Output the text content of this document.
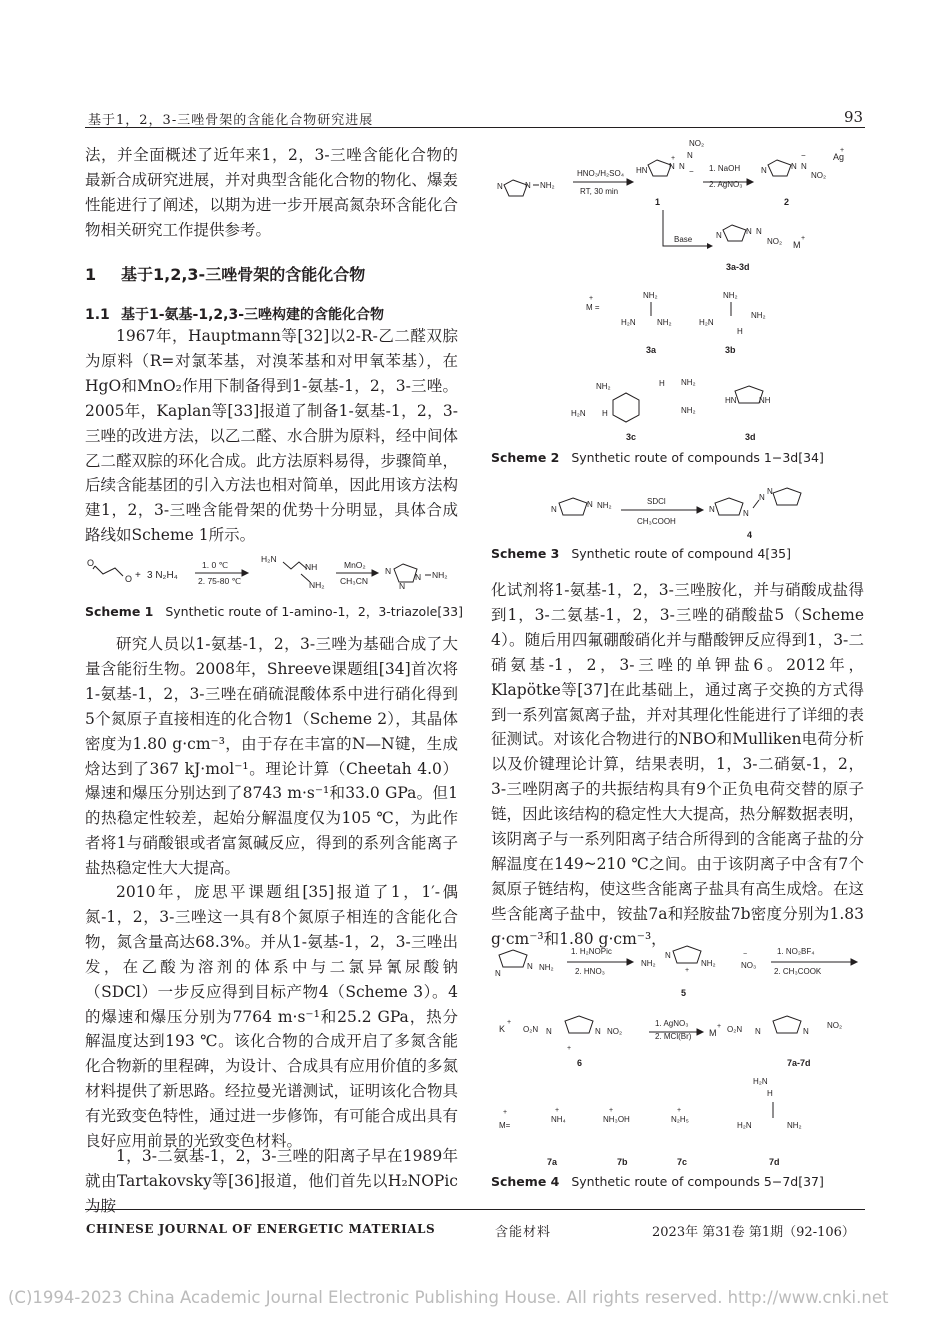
基于1，2，3-三唑骨架的含能化合物研究进展	93

法，并全面概述了近年来1，2，3-三唑含能化合物的最新合成研究进展，并对典型含能化合物的物化、爆轰性能进行了阐述，以期为进一步开展高氮杂环含能化合物相关研究工作提供参考。

1 基于1,2,3-三唑骨架的含能化合物
1.1 基于1-氨基-1,2,3-三唑构建的含能化合物

1967年，Hauptmann等[32]以2-R-乙二醛双腙为原料（R=对氯苯基，对溴苯基和对甲氧苯基），在HgO和MnO₂作用下制备得到1-氨基-1，2，3-三唑。2005年，Kaplan等[33]报道了制备1-氨基-1，2，3-三唑的改进方法，以乙二醛、水合肼为原料，经中间体乙二醛双腙的环化合成。此方法原料易得，步骤简单，后续含能基团的引入方法也相对简单，因此用该方法构建1，2，3-三唑含能骨架的优势十分明显，具体合成路线如Scheme 1所示。

O
O + 3 N₂H₄
1. 0 ℃
2. 75-80 ℃
H₂N
NH
NH₂
MnO₂
CH₃CN
N
N
N NH₂
Scheme 1 Synthetic route of 1-amino-1，2，3-triazole[33]

研究人员以1-氨基-1，2，3-三唑为基础合成了大量含能衍生物。2008年，Shreeve课题组[34]首次将1-氨基-1，2，3-三唑在硝硫混酸体系中进行硝化得到5个氮原子直接相连的化合物1（Scheme 2），其晶体密度为1.80 g·cm⁻³，由于存在丰富的N—N键，生成焓达到了367 kJ·mol⁻¹。理论计算（Cheetah 4.0）爆速和爆压分别达到了8743 m·s⁻¹和33.0 GPa。但1的热稳定性较差，起始分解温度仅为105 ℃，为此作者将1与硝酸银或者富氮碱反应，得到的系列含能离子盐热稳定性大大提高。

2010年，庞思平课题组[35]报道了1，1′-偶氮-1，2，3-三唑这一具有8个氮原子相连的含能化合物，氮含量高达68.3%。并从1-氨基-1，2，3-三唑出发，在乙酸为溶剂的体系中与二氯异氰尿酸钠（SDCl）一步反应得到目标产物4（Scheme 3）。4的爆速和爆压分别为7764 m·s⁻¹和25.2 GPa，热分解温度达到193 ℃。该化合物的合成开启了多氮含能化合物新的里程碑，为设计、合成具有应用价值的多氮材料提供了新思路。经拉曼光谱测试，证明该化合物具有光致变色特性，通过进一步修饰，有可能合成出具有良好应用前景的光致变色材料。

1，3-二氨基-1，2，3-三唑的阳离子早在1989年就由Tartakovsky等[36]报道，他们首先以H₂NOPic为胺

N	N NH₂
HNO₃/H₂SO₄
RT, 30 min
HN	N N
N
NO₂
+
−
1
1. NaOH
2. AgNO₃
N	N N
NO₂
−	Ag
+
2
Base	N	N N
NO₂ M
+
3a-3d
M =
+	NH₂
H₂N	NH₂
3a
NH₂
H₂N
NH₂
H
3b
NH₂
H₂N H
H NH₂
NH₂
3c
HN	NH
3d
Scheme 2 Synthetic route of compounds 1−3d[34]
N
N NH₂	SDCl
CH₃COOH
N	N
N
N
4
Scheme 3 Synthetic route of compound 4[35]

化试剂将1-氨基-1，2，3-三唑胺化，并与硝酸成盐得到1，3-二氨基-1，2，3-三唑的硝酸盐5（Scheme 4）。随后用四氟硼酸硝化并与醋酸钾反应得到1，3-二硝氨基-1，2，3-三唑的单钾盐6。2012年，Klapötke等[37]在此基础上，通过离子交换的方式得到一系列富氮离子盐，并对其理化性能进行了详细的表征测试。对该化合物进行的NBO和Mulliken电荷分析以及价键理论计算，结果表明，1，3-二硝氨-1，2，3-三唑阴离子的共振结构具有9个正负电荷交替的原子链，因此该结构的稳定性大大提高，热分解数据表明，该阴离子与一系列阳离子结合所得到的含能离子盐的分解温度在149~210 ℃之间。由于该阴离子中含有7个氮原子链结构，使这些含能离子盐具有高生成焓。在这些含能离子盐中，铵盐7a和羟胺盐7b密度分别为1.83 g·cm⁻³和1.80 g·cm⁻³，

N
N NH₂
1. H₂NOPic
2. HNO₃
NH₂	NH₂
N
+
NO₃
−
5
1. NO₂BF₄
2. CH₃COOK
K
+
O₂N N	N NO₂
+
6
1. AgNO₃
2. MCl(Br) M
+ O₂N N	N
NO₂
7a-7d
M=
+
NH₄
+
NH₃OH
+
N₂H₅
+
H₂N
H
H₂N	NH₂
7a	7b	7c	7d
Scheme 4 Synthetic route of compounds 5−7d[37]
CHINESE JOURNAL OF ENERGETIC MATERIALS	含能材料	2023年 第31卷 第1期（92-106）
(C)1994-2023 China Academic Journal Electronic Publishing House. All rights reserved. http://www.cnki.net
